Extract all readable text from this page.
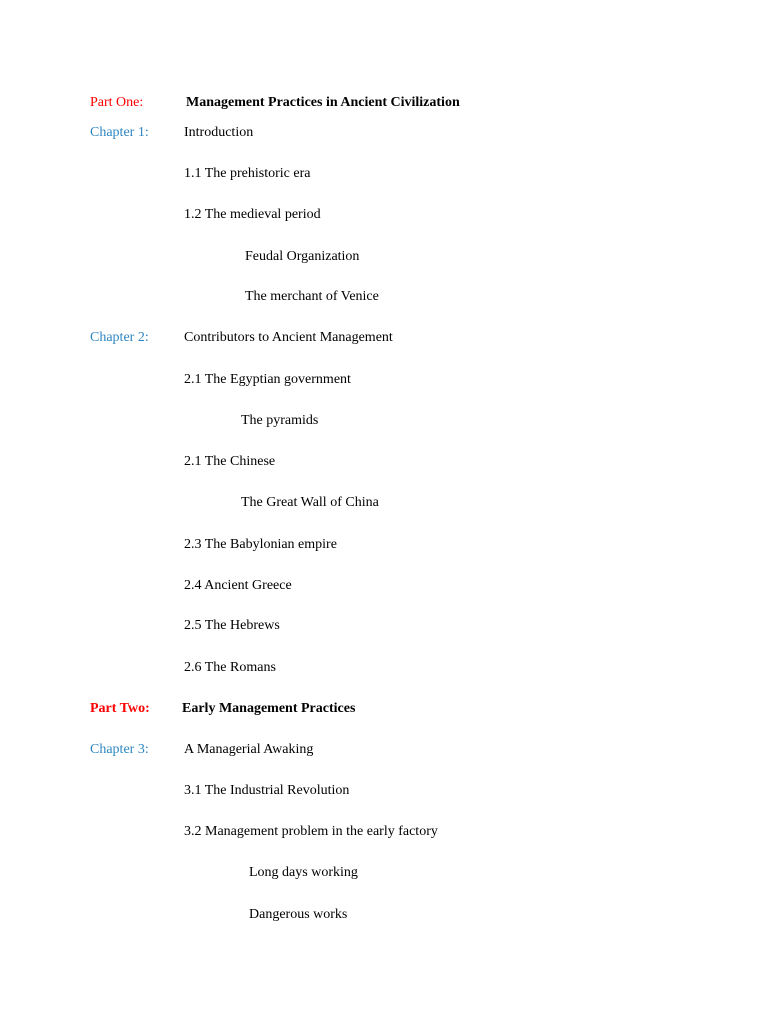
Part One:	Management Practices in Ancient Civilization
Chapter 1:	Introduction
1.1 The prehistoric era
1.2 The medieval period
Feudal Organization
The merchant of Venice
Chapter 2:	Contributors to Ancient Management
2.1 The Egyptian government
The pyramids
2.1 The Chinese
The Great Wall of China
2.3 The Babylonian empire
2.4 Ancient Greece
2.5 The Hebrews
2.6 The Romans
Part Two: Early Management Practices
Chapter 3:	A Managerial Awaking
3.1 The Industrial Revolution
3.2 Management problem in the early factory
Long days working
Dangerous works
